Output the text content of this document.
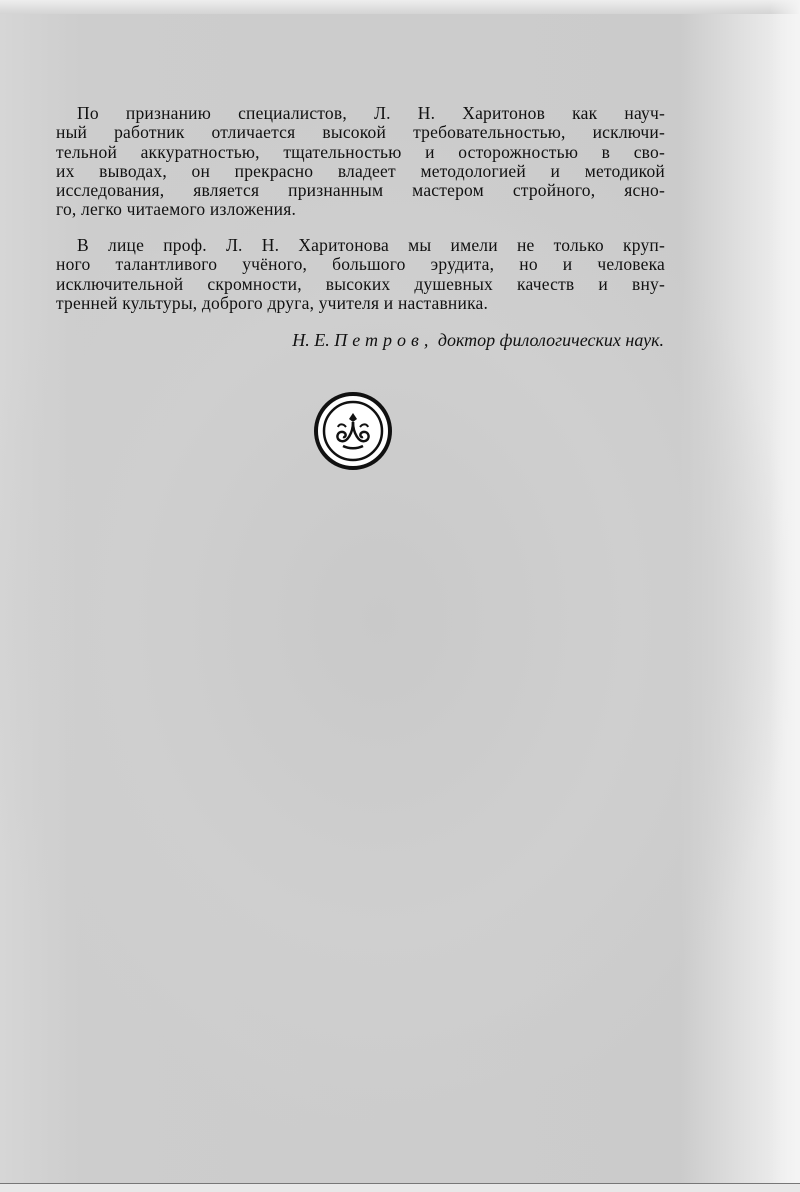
По признанию специалистов, Л. Н. Харитонов как науч-
ный работник отличается высокой требовательностью, исключи-
тельной аккуратностью, тщательностью и осторожностью в сво-
их выводах, он прекрасно владеет методологией и методикой
исследования, является признанным мастером стройного, ясно-
го, легко читаемого изложения.
В лице проф. Л. Н. Харитонова мы имели не только круп-
ного талантливого учёного, большого эрудита, но и человека
исключительной скромности, высоких душевных качеств и вну-
тренней культуры, доброго друга, учителя и наставника.
Н. Е. Петров, доктор филологических наук.
